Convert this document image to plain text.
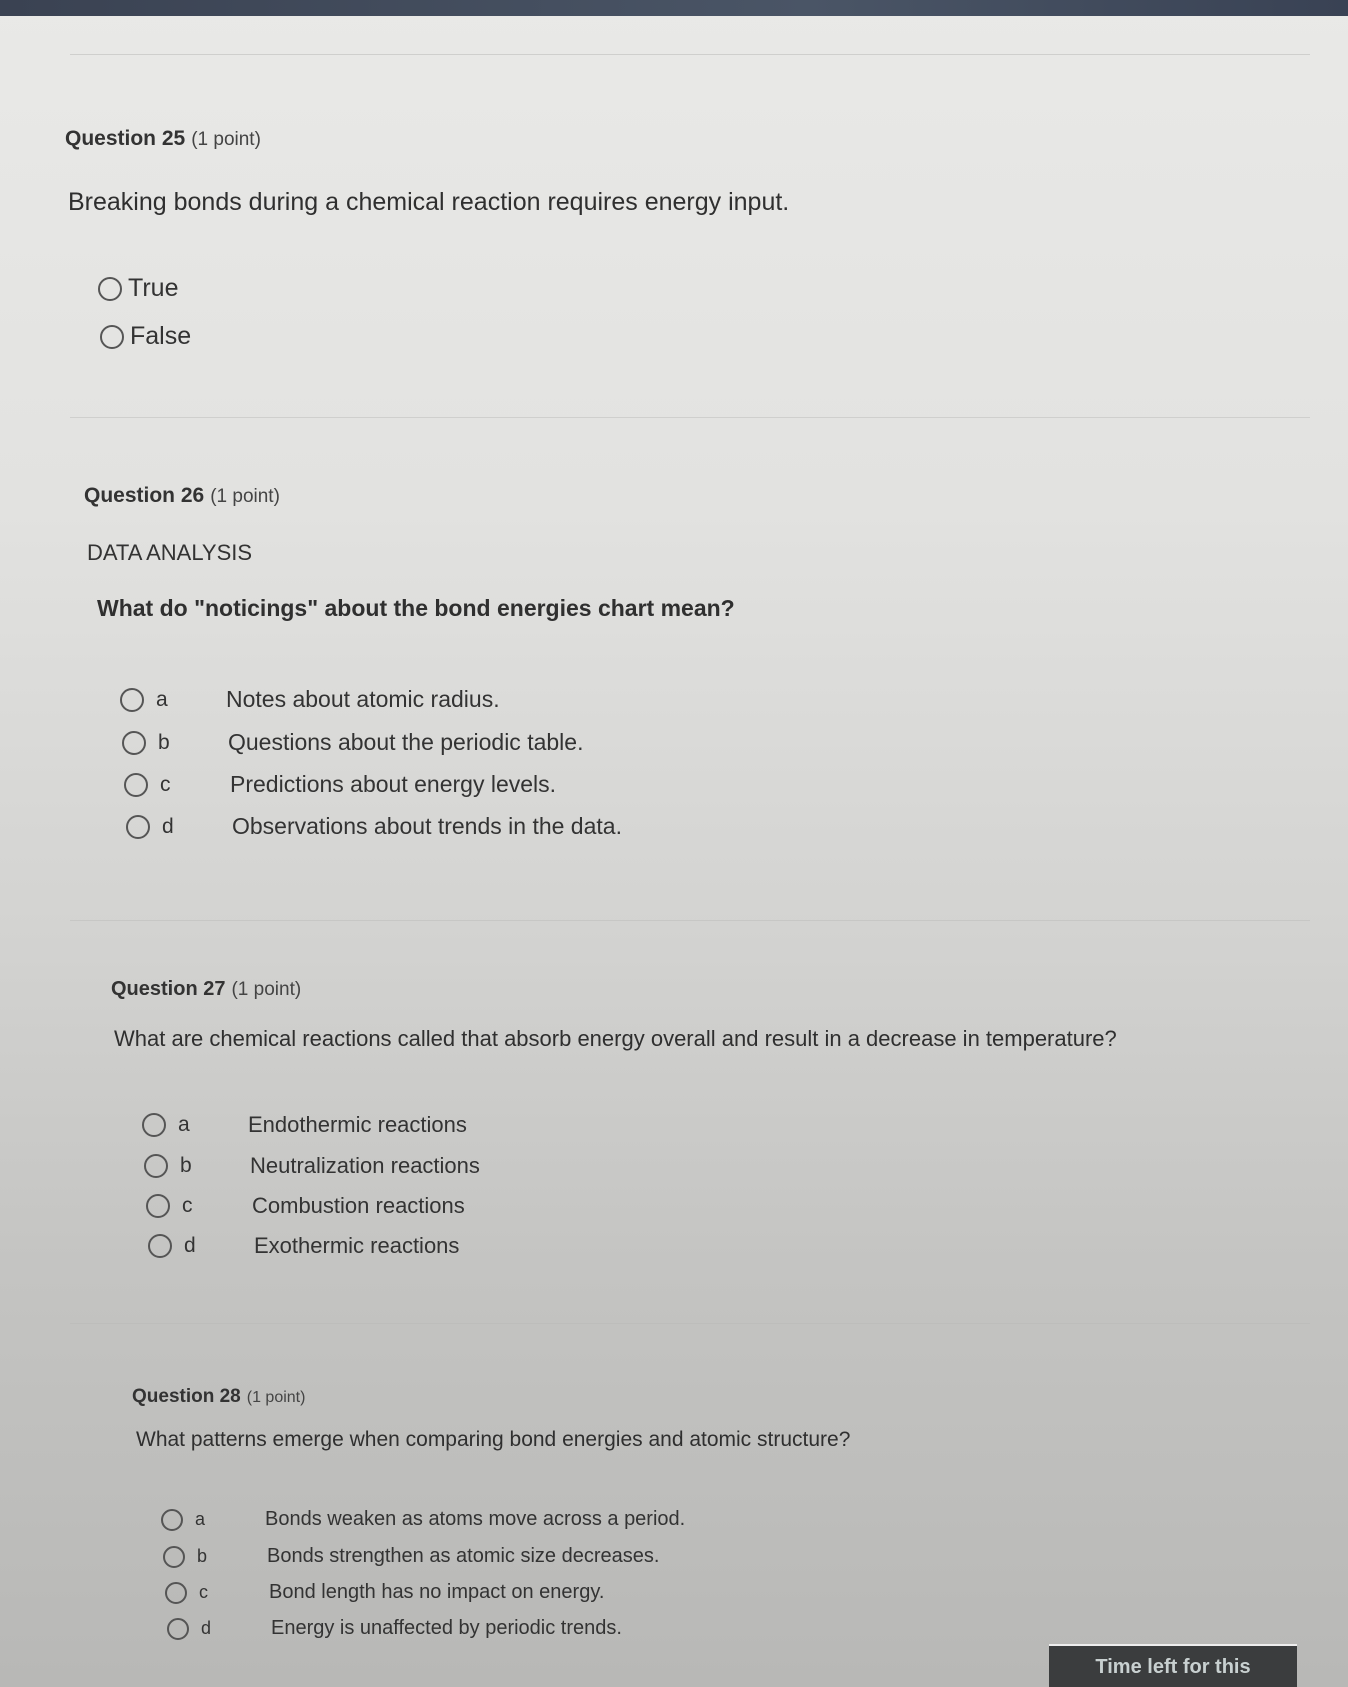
Question 25 (1 point)
Breaking bonds during a chemical reaction requires energy input.
True
False
Question 26 (1 point)
DATA ANALYSIS
What do "noticings" about the bond energies chart mean?
a	Notes about atomic radius.
b	Questions about the periodic table.
c	Predictions about energy levels.
d	Observations about trends in the data.
Question 27 (1 point)
What are chemical reactions called that absorb energy overall and result in a decrease in temperature?
a	Endothermic reactions
b	Neutralization reactions
c	Combustion reactions
d	Exothermic reactions
Question 28 (1 point)
What patterns emerge when comparing bond energies and atomic structure?
a	Bonds weaken as atoms move across a period.
b	Bonds strengthen as atomic size decreases.
c	Bond length has no impact on energy.
d	Energy is unaffected by periodic trends.
Time left for this
